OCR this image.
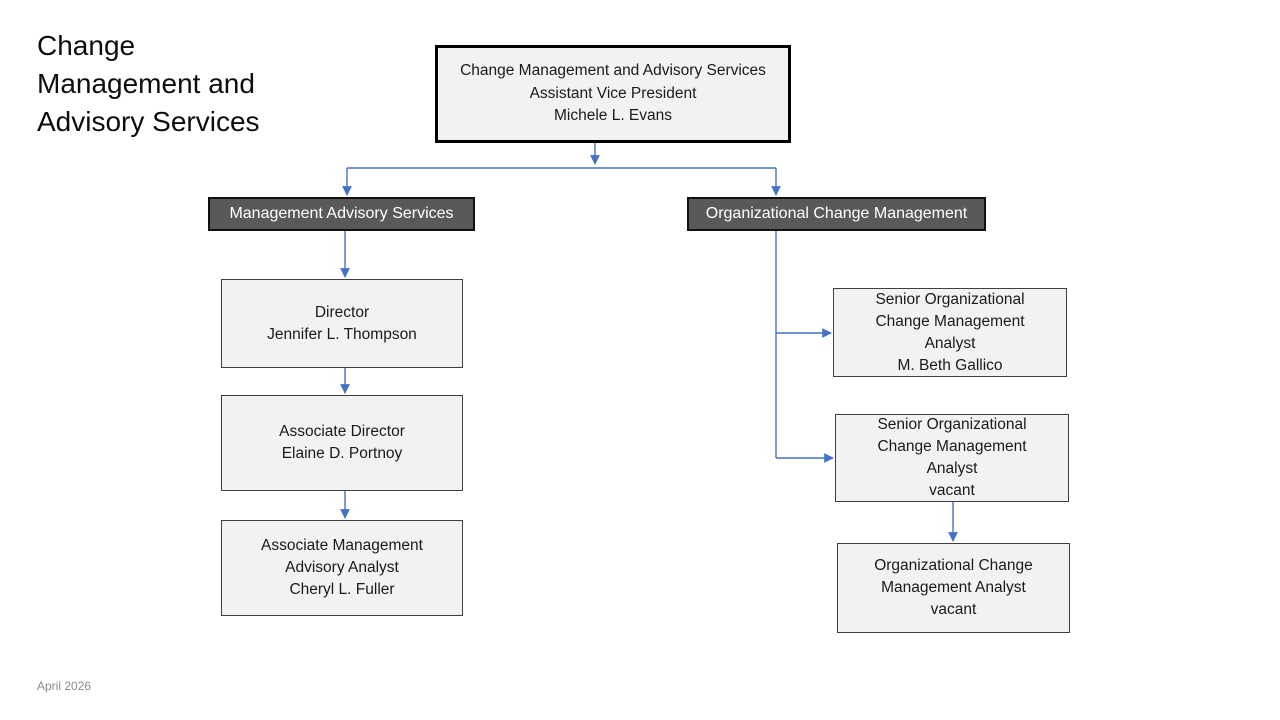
Change
Management and
Advisory Services
Change Management and Advisory Services
Assistant Vice President
Michele L. Evans
Management Advisory Services	Organizational Change Management
Director
Jennifer L. Thompson
Associate Director
Elaine D. Portnoy
Associate Management
Advisory Analyst
Cheryl L. Fuller
Senior Organizational
Change Management
Analyst
M. Beth Gallico
Senior Organizational
Change Management
Analyst
vacant
Organizational Change
Management Analyst
vacant
April 2026
